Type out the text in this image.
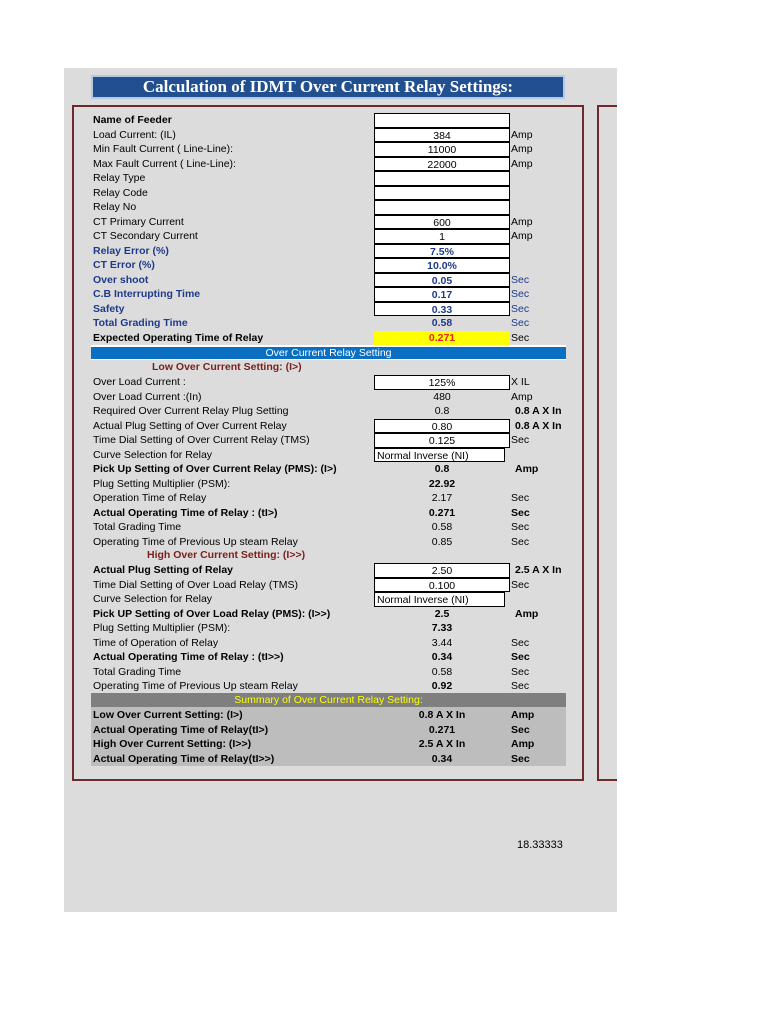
Calculation of IDMT Over Current Relay Settings:
Name of Feeder
Load Current: (IL)	384	Amp
Min Fault Current ( Line-Line):	11000	Amp
Max Fault Current ( Line-Line):	22000	Amp
Relay Type
Relay Code
Relay No
CT Primary Current	600	Amp
CT Secondary Current	1	Amp
Relay Error (%)	7.5%
CT Error (%)	10.0%
Over shoot	0.05	Sec
C.B Interrupting Time	0.17	Sec
Safety	0.33	Sec
Total Grading Time	0.58	Sec
Expected Operating Time of Relay	0.271	Sec
Over Current Relay Setting
Low Over Current Setting: (I>)
Over Load Current :	125%	X IL
Over Load Current :(In)	480	Amp
Required Over Current Relay Plug Setting	0.8	0.8 A X In
Actual Plug Setting of Over Current Relay	0.80	0.8 A X In
Time Dial Setting of Over Current Relay (TMS)	0.125	Sec
Curve Selection for Relay	Normal Inverse (NI)
Pick Up Setting of Over Current Relay (PMS): (I>)	0.8	Amp
Plug Setting Multiplier (PSM):	22.92
Operation Time of Relay	2.17	Sec
Actual Operating Time of Relay : (tI>)	0.271	Sec
Total Grading Time	0.58	Sec
Operating Time of Previous Up steam Relay	0.85	Sec
High Over Current Setting: (I>>)
Actual Plug Setting of Relay	2.50	2.5 A X In
Time Dial Setting of Over Load Relay (TMS)	0.100	Sec
Curve Selection for Relay	Normal Inverse (NI)
Pick UP Setting of Over Load Relay (PMS): (I>>)	2.5	Amp
Plug Setting Multiplier (PSM):	7.33
Time of Operation of Relay	3.44	Sec
Actual Operating Time of Relay : (tI>>)	0.34	Sec
Total Grading Time	0.58	Sec
Operating Time of Previous Up steam Relay	0.92	Sec
Summary of Over Current Relay Setting:
Low Over Current Setting: (I>)	0.8 A X In	Amp
Actual Operating Time of Relay(tI>)	0.271	Sec
High Over Current Setting: (I>>)	2.5 A X In	Amp
Actual Operating Time of Relay(tI>>)	0.34	Sec
18.33333
